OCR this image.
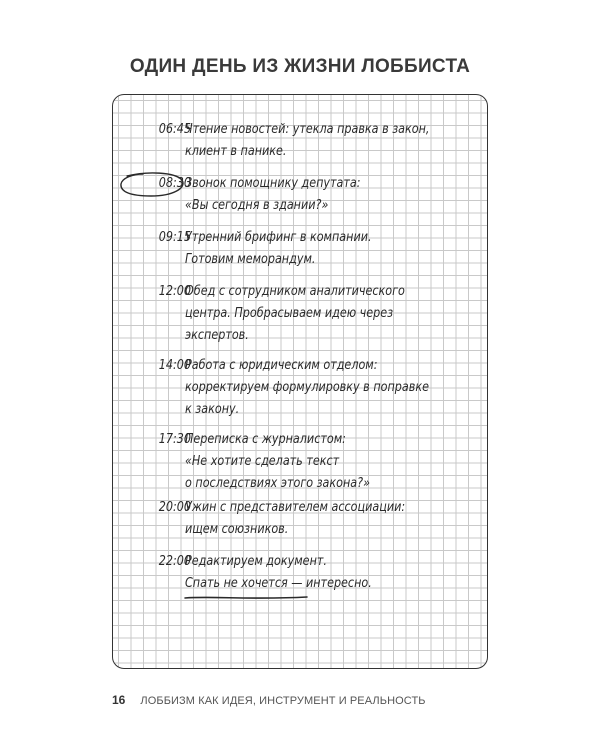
ОДИН ДЕНЬ ИЗ ЖИЗНИ ЛОББИСТА
06:45
Чтение новостей: утекла правка в закон,
клиент в панике.
08:30
Звонок помощнику депутата:
«Вы сегодня в здании?»
09:15
Утренний брифинг в компании.
Готовим меморандум.
12:00
Обед с сотрудником аналитического
центра. Пробрасываем идею через
экспертов.
14:00
Работа с юридическим отделом:
корректируем формулировку в поправке
к закону.
17:30
Переписка с журналистом:
«Не хотите сделать текст
о последствиях этого закона?»
20:00
Ужин с представителем ассоциации:
ищем союзников.
22:00
Редактируем документ.
Спать не хочется — интересно.
16 ЛОББИЗМ КАК ИДЕЯ, ИНСТРУМЕНТ И РЕАЛЬНОСТЬ
